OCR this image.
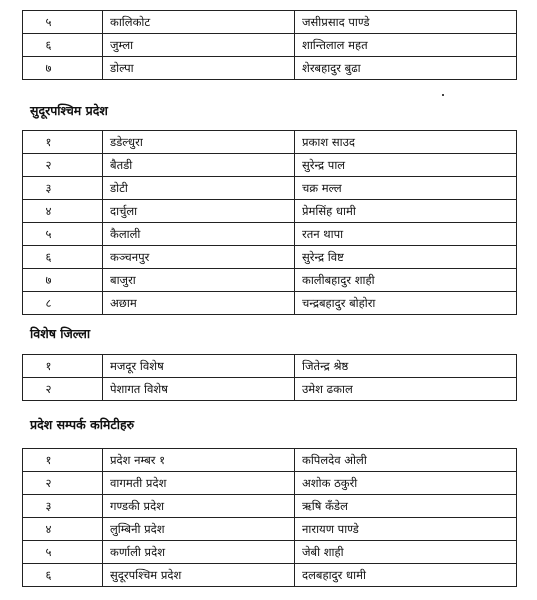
५	कालिकोट	जसीप्रसाद पाण्डे
६	जुम्ला	शान्तिलाल महत
७	डोल्पा	शेरबहादुर बुढा
सुदूरपश्चिम प्रदेश
१	डडेल्धुरा	प्रकाश साउद
२	बैतडी	सुरेन्द्र पाल
३	डोटी	चक्र मल्ल
४	दार्चुला	प्रेमसिंह धामी
५	कैलाली	रतन थापा
६	कञ्चनपुर	सुरेन्द्र विष्ट
७	बाजुरा	कालीबहादुर शाही
८	अछाम	चन्द्रबहादुर बोहोरा
विशेष जिल्ला
१	मजदूर विशेष	जितेन्द्र श्रेष्ठ
२	पेशागत विशेष	उमेश ढकाल
प्रदेश सम्पर्क कमिटीहरु
१	प्रदेश नम्बर १	कपिलदेव ओली
२	वागमती प्रदेश	अशोक ठकुरी
३	गण्डकी प्रदेश	ऋषि कँडेल
४	लुम्बिनी प्रदेश	नारायण पाण्डे
५	कर्णाली प्रदेश	जेबी शाही
६	सुदूरपश्चिम प्रदेश	दलबहादुर धामी
